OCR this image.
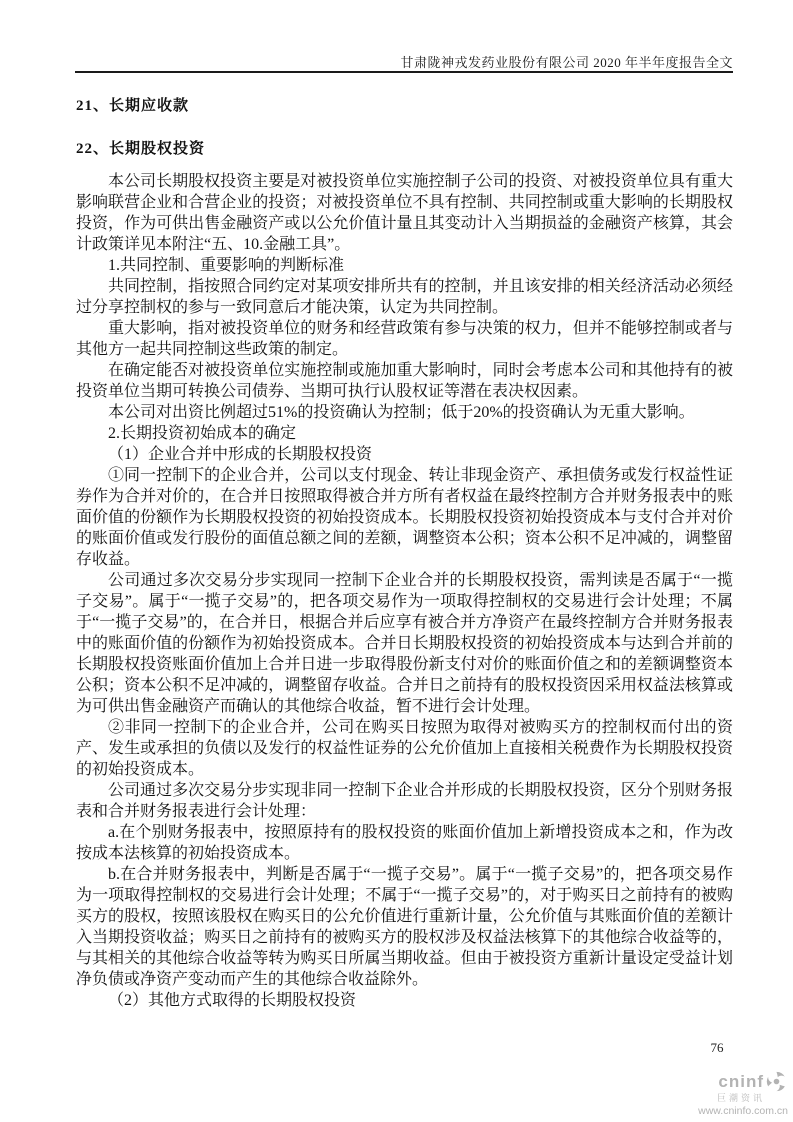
甘肃陇神戎发药业股份有限公司 2020 年半年度报告全文
21、长期应收款
22、长期股权投资

本公司长期股权投资主要是对被投资单位实施控制子公司的投资、对被投资单位具有重大影响联营企业和合营企业的投资；对被投资单位不具有控制、共同控制或重大影响的长期股权投资，作为可供出售金融资产或以公允价值计量且其变动计入当期损益的金融资产核算，其会计政策详见本附注“五、10.金融工具”。

1.共同控制、重要影响的判断标准

共同控制，指按照合同约定对某项安排所共有的控制，并且该安排的相关经济活动必须经过分享控制权的参与一致同意后才能决策，认定为共同控制。

重大影响，指对被投资单位的财务和经营政策有参与决策的权力，但并不能够控制或者与其他方一起共同控制这些政策的制定。

在确定能否对被投资单位实施控制或施加重大影响时，同时会考虑本公司和其他持有的被投资单位当期可转换公司债券、当期可执行认股权证等潜在表决权因素。

本公司对出资比例超过51%的投资确认为控制；低于20%的投资确认为无重大影响。

2.长期投资初始成本的确定

（1）企业合并中形成的长期股权投资

①同一控制下的企业合并，公司以支付现金、转让非现金资产、承担债务或发行权益性证券作为合并对价的，在合并日按照取得被合并方所有者权益在最终控制方合并财务报表中的账面价值的份额作为长期股权投资的初始投资成本。长期股权投资初始投资成本与支付合并对价的账面价值或发行股份的面值总额之间的差额，调整资本公积；资本公积不足冲减的，调整留存收益。

公司通过多次交易分步实现同一控制下企业合并的长期股权投资，需判读是否属于“一揽子交易”。属于“一揽子交易”的，把各项交易作为一项取得控制权的交易进行会计处理；不属于“一揽子交易”的，在合并日，根据合并后应享有被合并方净资产在最终控制方合并财务报表中的账面价值的份额作为初始投资成本。合并日长期股权投资的初始投资成本与达到合并前的长期股权投资账面价值加上合并日进一步取得股份新支付对价的账面价值之和的差额调整资本公积；资本公积不足冲减的，调整留存收益。合并日之前持有的股权投资因采用权益法核算或为可供出售金融资产而确认的其他综合收益，暂不进行会计处理。

②非同一控制下的企业合并，公司在购买日按照为取得对被购买方的控制权而付出的资产、发生或承担的负债以及发行的权益性证券的公允价值加上直接相关税费作为长期股权投资的初始投资成本。

公司通过多次交易分步实现非同一控制下企业合并形成的长期股权投资，区分个别财务报表和合并财务报表进行会计处理：

a.在个别财务报表中，按照原持有的股权投资的账面价值加上新增投资成本之和，作为改按成本法核算的初始投资成本。

b.在合并财务报表中，判断是否属于“一揽子交易”。属于“一揽子交易”的，把各项交易作为一项取得控制权的交易进行会计处理；不属于“一揽子交易”的，对于购买日之前持有的被购买方的股权，按照该股权在购买日的公允价值进行重新计量，公允价值与其账面价值的差额计入当期投资收益；购买日之前持有的被购买方的股权涉及权益法核算下的其他综合收益等的，与其相关的其他综合收益等转为购买日所属当期收益。但由于被投资方重新计量设定受益计划净负债或净资产变动而产生的其他综合收益除外。

（2）其他方式取得的长期股权投资

76
cninf
巨潮资讯
www.cninfo.com.cn
